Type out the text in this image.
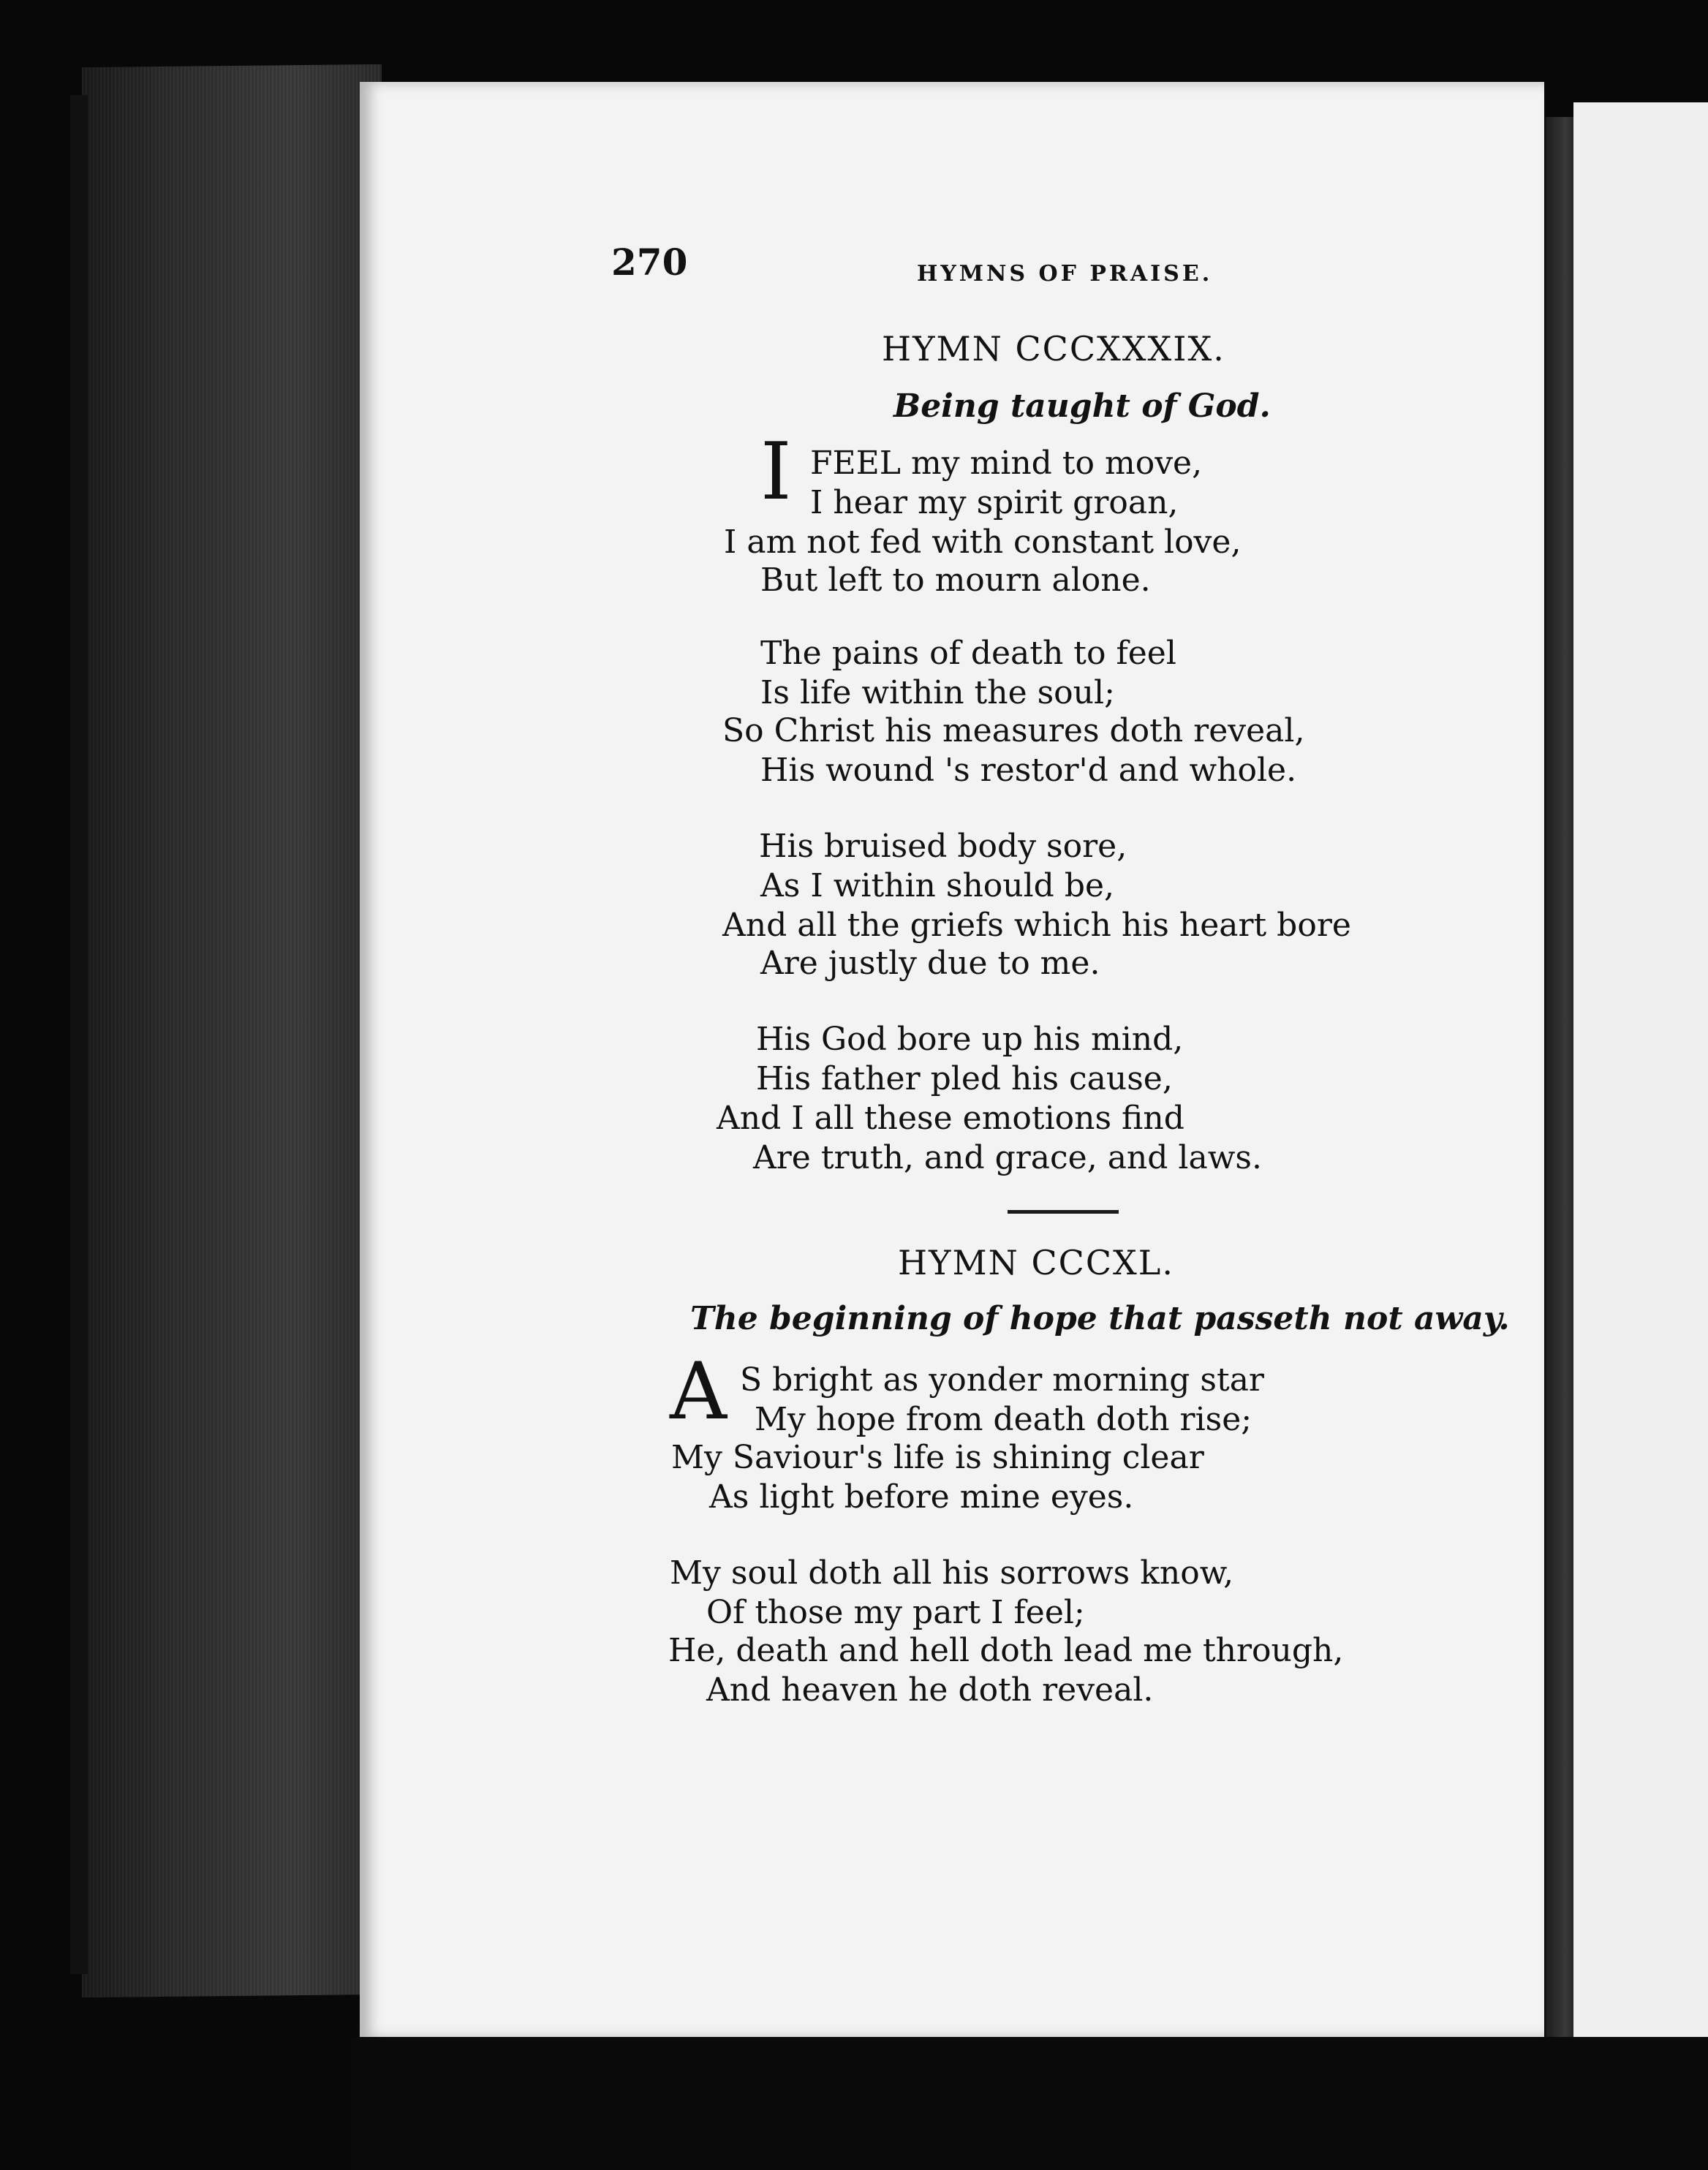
270	HYMNS OF PRAISE.
HYMN CCCXXXIX.
Being taught of God.
I FEEL my mind to move,
I hear my spirit groan,
I am not fed with constant love,
But left to mourn alone.
The pains of death to feel
Is life within the soul;
So Christ his measures doth reveal,
His wound 's restor'd and whole.
His bruised body sore,
As I within should be,
And all the griefs which his heart bore
Are justly due to me.
His God bore up his mind,
His father pled his cause,
And I all these emotions find
Are truth, and grace, and laws.
HYMN CCCXL.
The beginning of hope that passeth not away.
A S bright as yonder morning star
My hope from death doth rise;
My Saviour's life is shining clear
As light before mine eyes.
My soul doth all his sorrows know,
Of those my part I feel;
He, death and hell doth lead me through,
And heaven he doth reveal.
